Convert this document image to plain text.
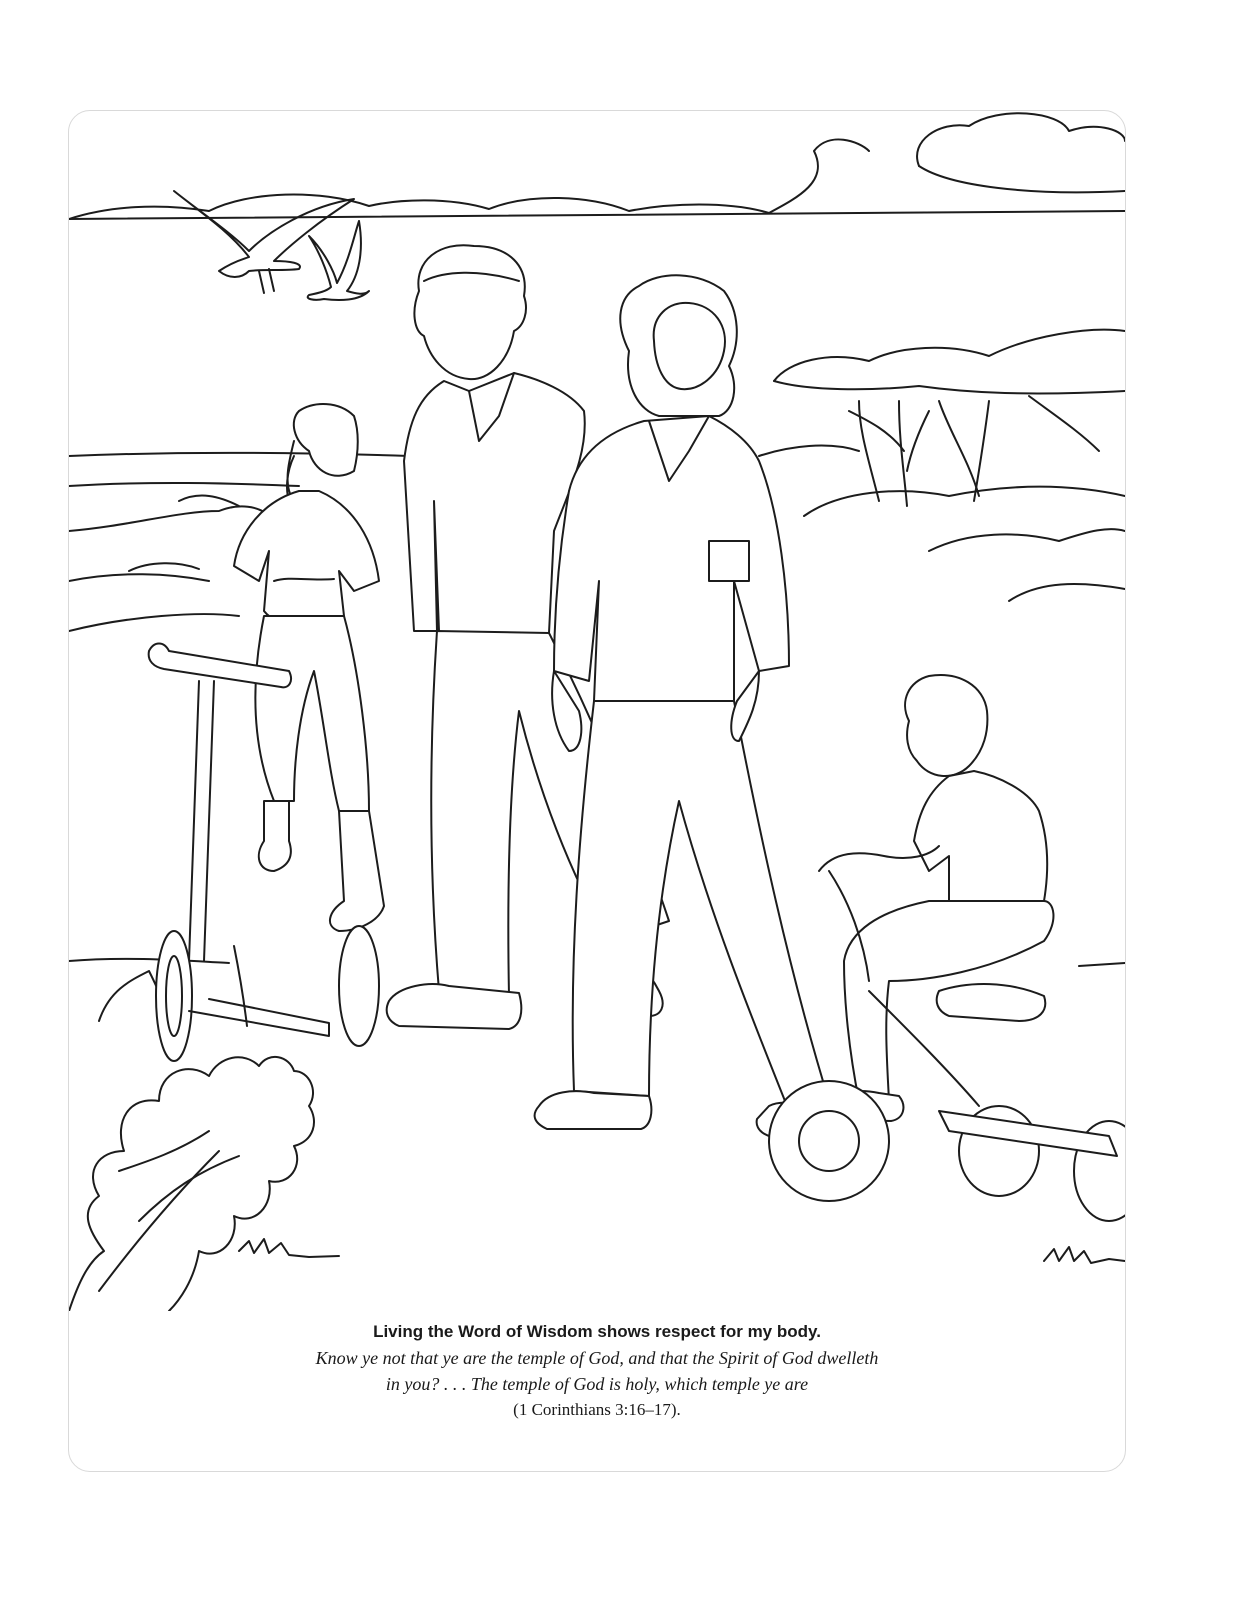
Living the Word of Wisdom shows respect for my body.

Know ye not that ye are the temple of God, and that the Spirit of God dwelleth

in you? . . . The temple of God is holy, which temple ye are

(1 Corinthians 3:16–17).
